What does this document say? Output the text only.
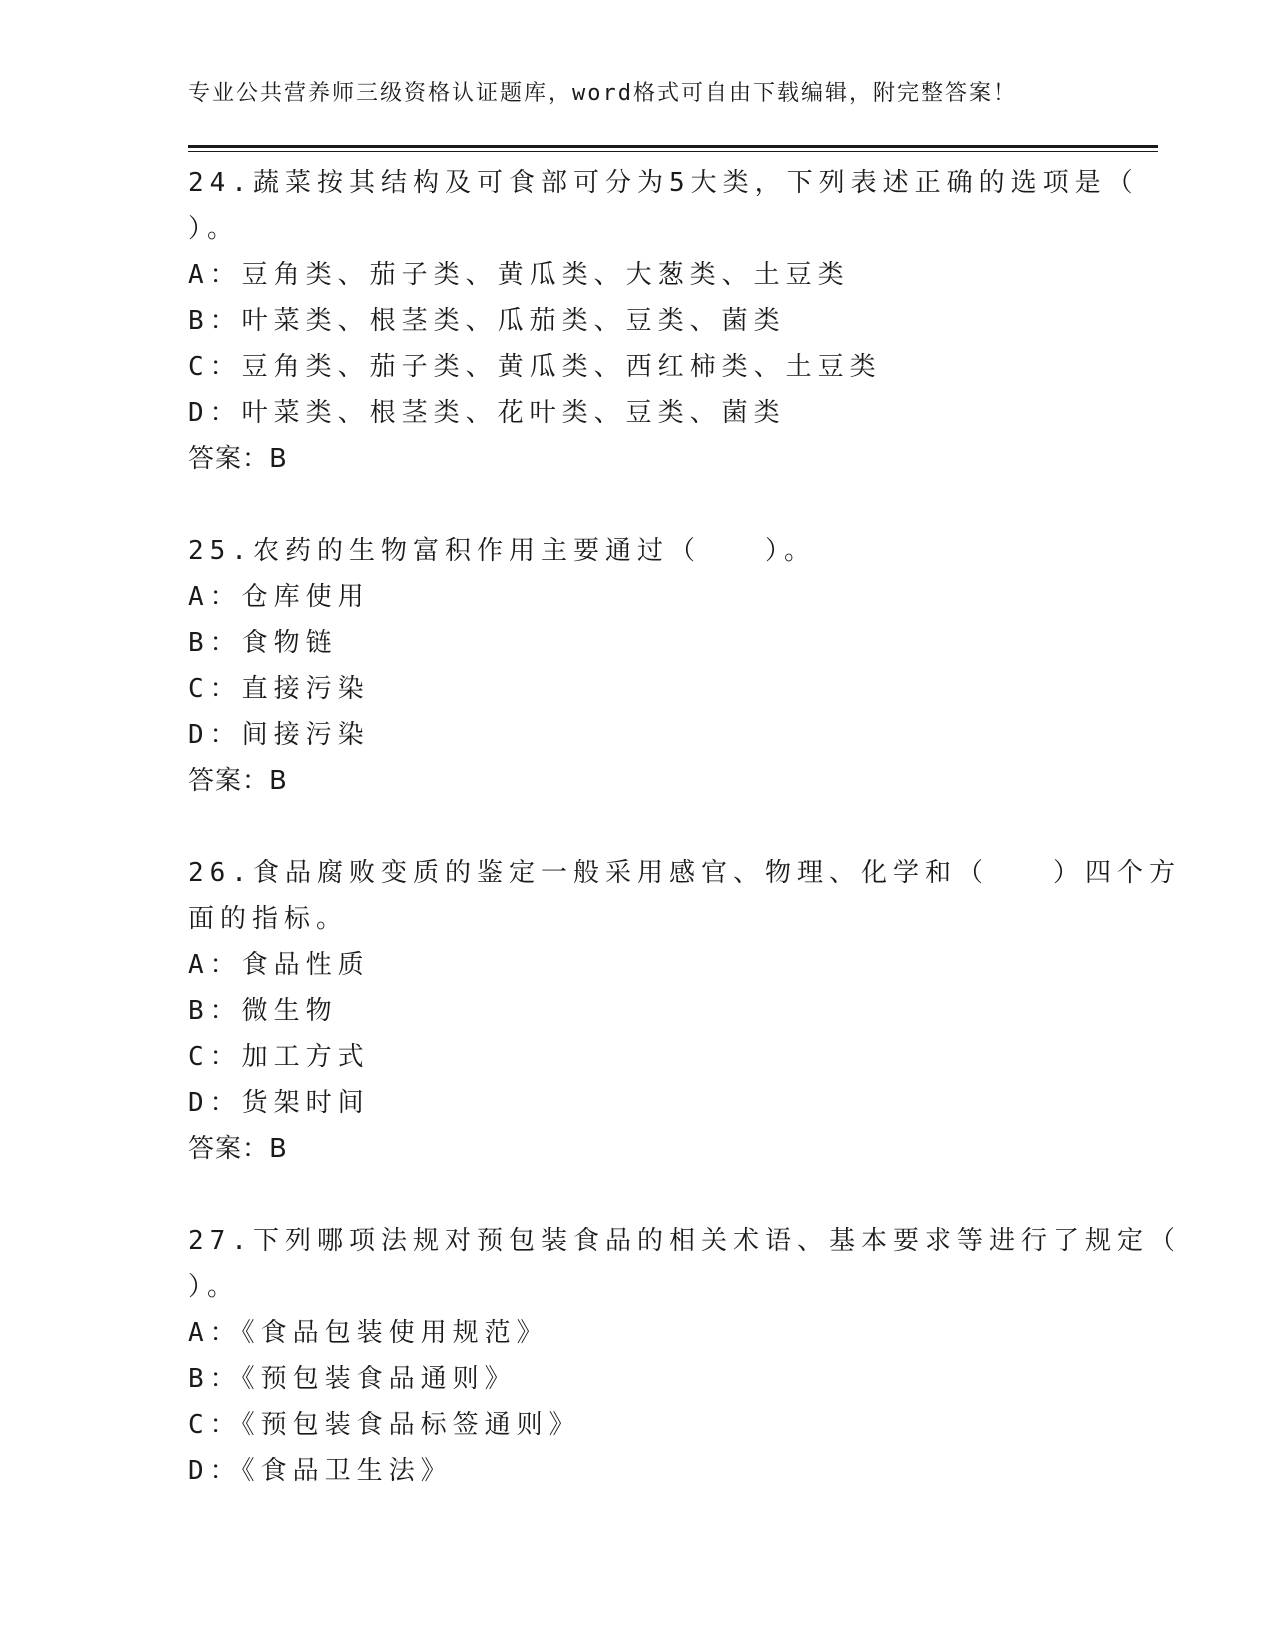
专业公共营养师三级资格认证题库，word格式可自由下载编辑，附完整答案！
24.蔬菜按其结构及可食部可分为5大类，下列表述正确的选项是（
）。
A：豆角类、茄子类、黄瓜类、大葱类、土豆类
B：叶菜类、根茎类、瓜茄类、豆类、菌类
C：豆角类、茄子类、黄瓜类、西红柿类、土豆类
D：叶菜类、根茎类、花叶类、豆类、菌类
答案：B
25.农药的生物富积作用主要通过（　　）。
A：仓库使用
B：食物链
C：直接污染
D：间接污染
答案：B
26.食品腐败变质的鉴定一般采用感官、物理、化学和（　　）四个方
面的指标。
A：食品性质
B：微生物
C：加工方式
D：货架时间
答案：B
27.下列哪项法规对预包装食品的相关术语、基本要求等进行了规定（
）。
A：《食品包装使用规范》
B：《预包装食品通则》
C：《预包装食品标签通则》
D：《食品卫生法》
